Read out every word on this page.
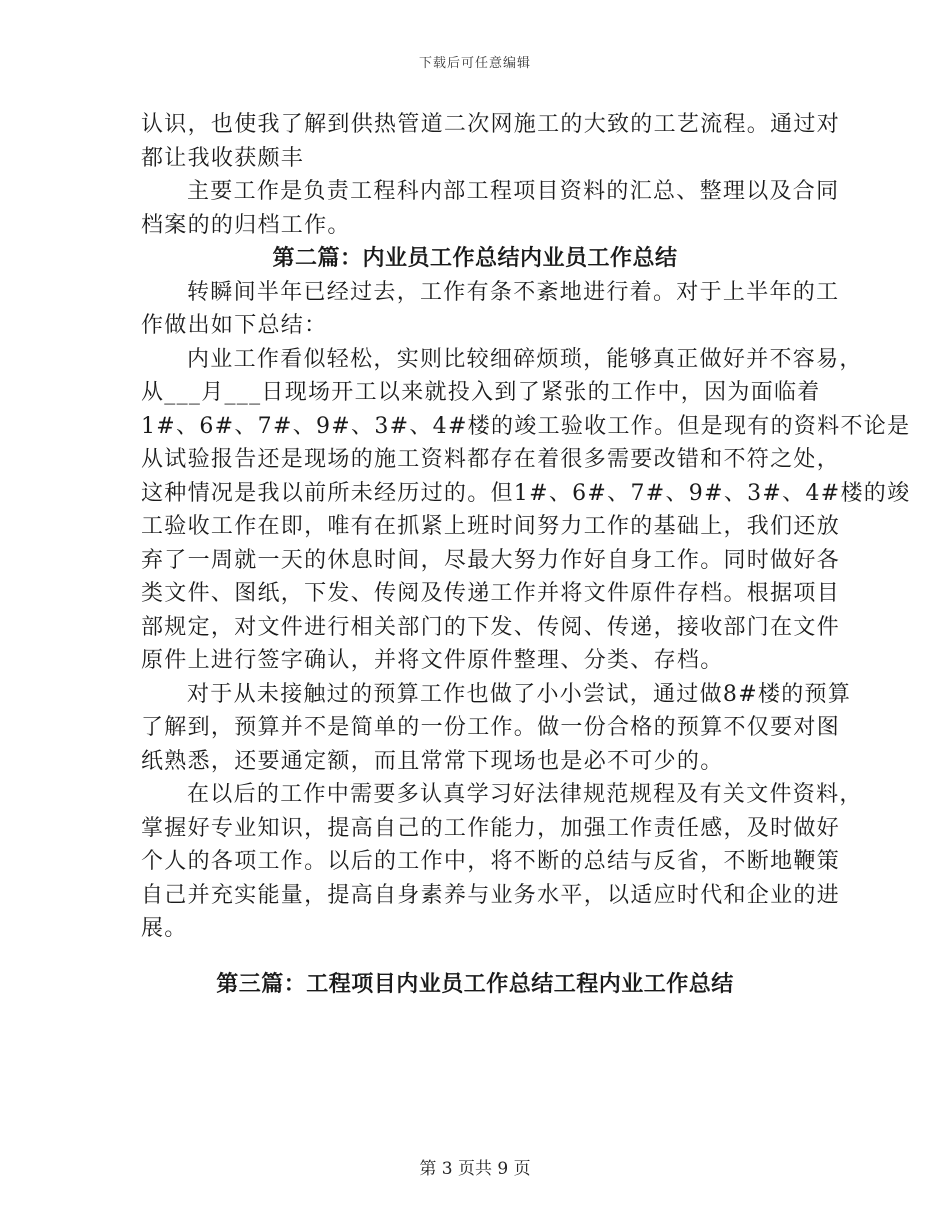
下载后可任意编辑
认识，也使我了解到供热管道二次网施工的大致的工艺流程。通过对
都让我收获颇丰
主要工作是负责工程科内部工程项目资料的汇总、整理以及合同
档案的的归档工作。
第二篇：内业员工作总结内业员工作总结
转瞬间半年已经过去，工作有条不紊地进行着。对于上半年的工
作做出如下总结：
内业工作看似轻松，实则比较细碎烦琐，能够真正做好并不容易，
从___月___日现场开工以来就投入到了紧张的工作中，因为面临着
1#、6#、7#、9#、3#、4#楼的竣工验收工作。但是现有的资料不论是
从试验报告还是现场的施工资料都存在着很多需要改错和不符之处，
这种情况是我以前所未经历过的。但1#、6#、7#、9#、3#、4#楼的竣
工验收工作在即，唯有在抓紧上班时间努力工作的基础上，我们还放
弃了一周就一天的休息时间，尽最大努力作好自身工作。同时做好各
类文件、图纸，下发、传阅及传递工作并将文件原件存档。根据项目
部规定，对文件进行相关部门的下发、传阅、传递，接收部门在文件
原件上进行签字确认，并将文件原件整理、分类、存档。
对于从未接触过的预算工作也做了小小尝试，通过做8#楼的预算
了解到，预算并不是简单的一份工作。做一份合格的预算不仅要对图
纸熟悉，还要通定额，而且常常下现场也是必不可少的。
在以后的工作中需要多认真学习好法律规范规程及有关文件资料，
掌握好专业知识，提高自己的工作能力，加强工作责任感，及时做好
个人的各项工作。以后的工作中，将不断的总结与反省，不断地鞭策
自己并充实能量，提高自身素养与业务水平，以适应时代和企业的进
展。
第三篇：工程项目内业员工作总结工程内业工作总结
第 3 页共 9 页
